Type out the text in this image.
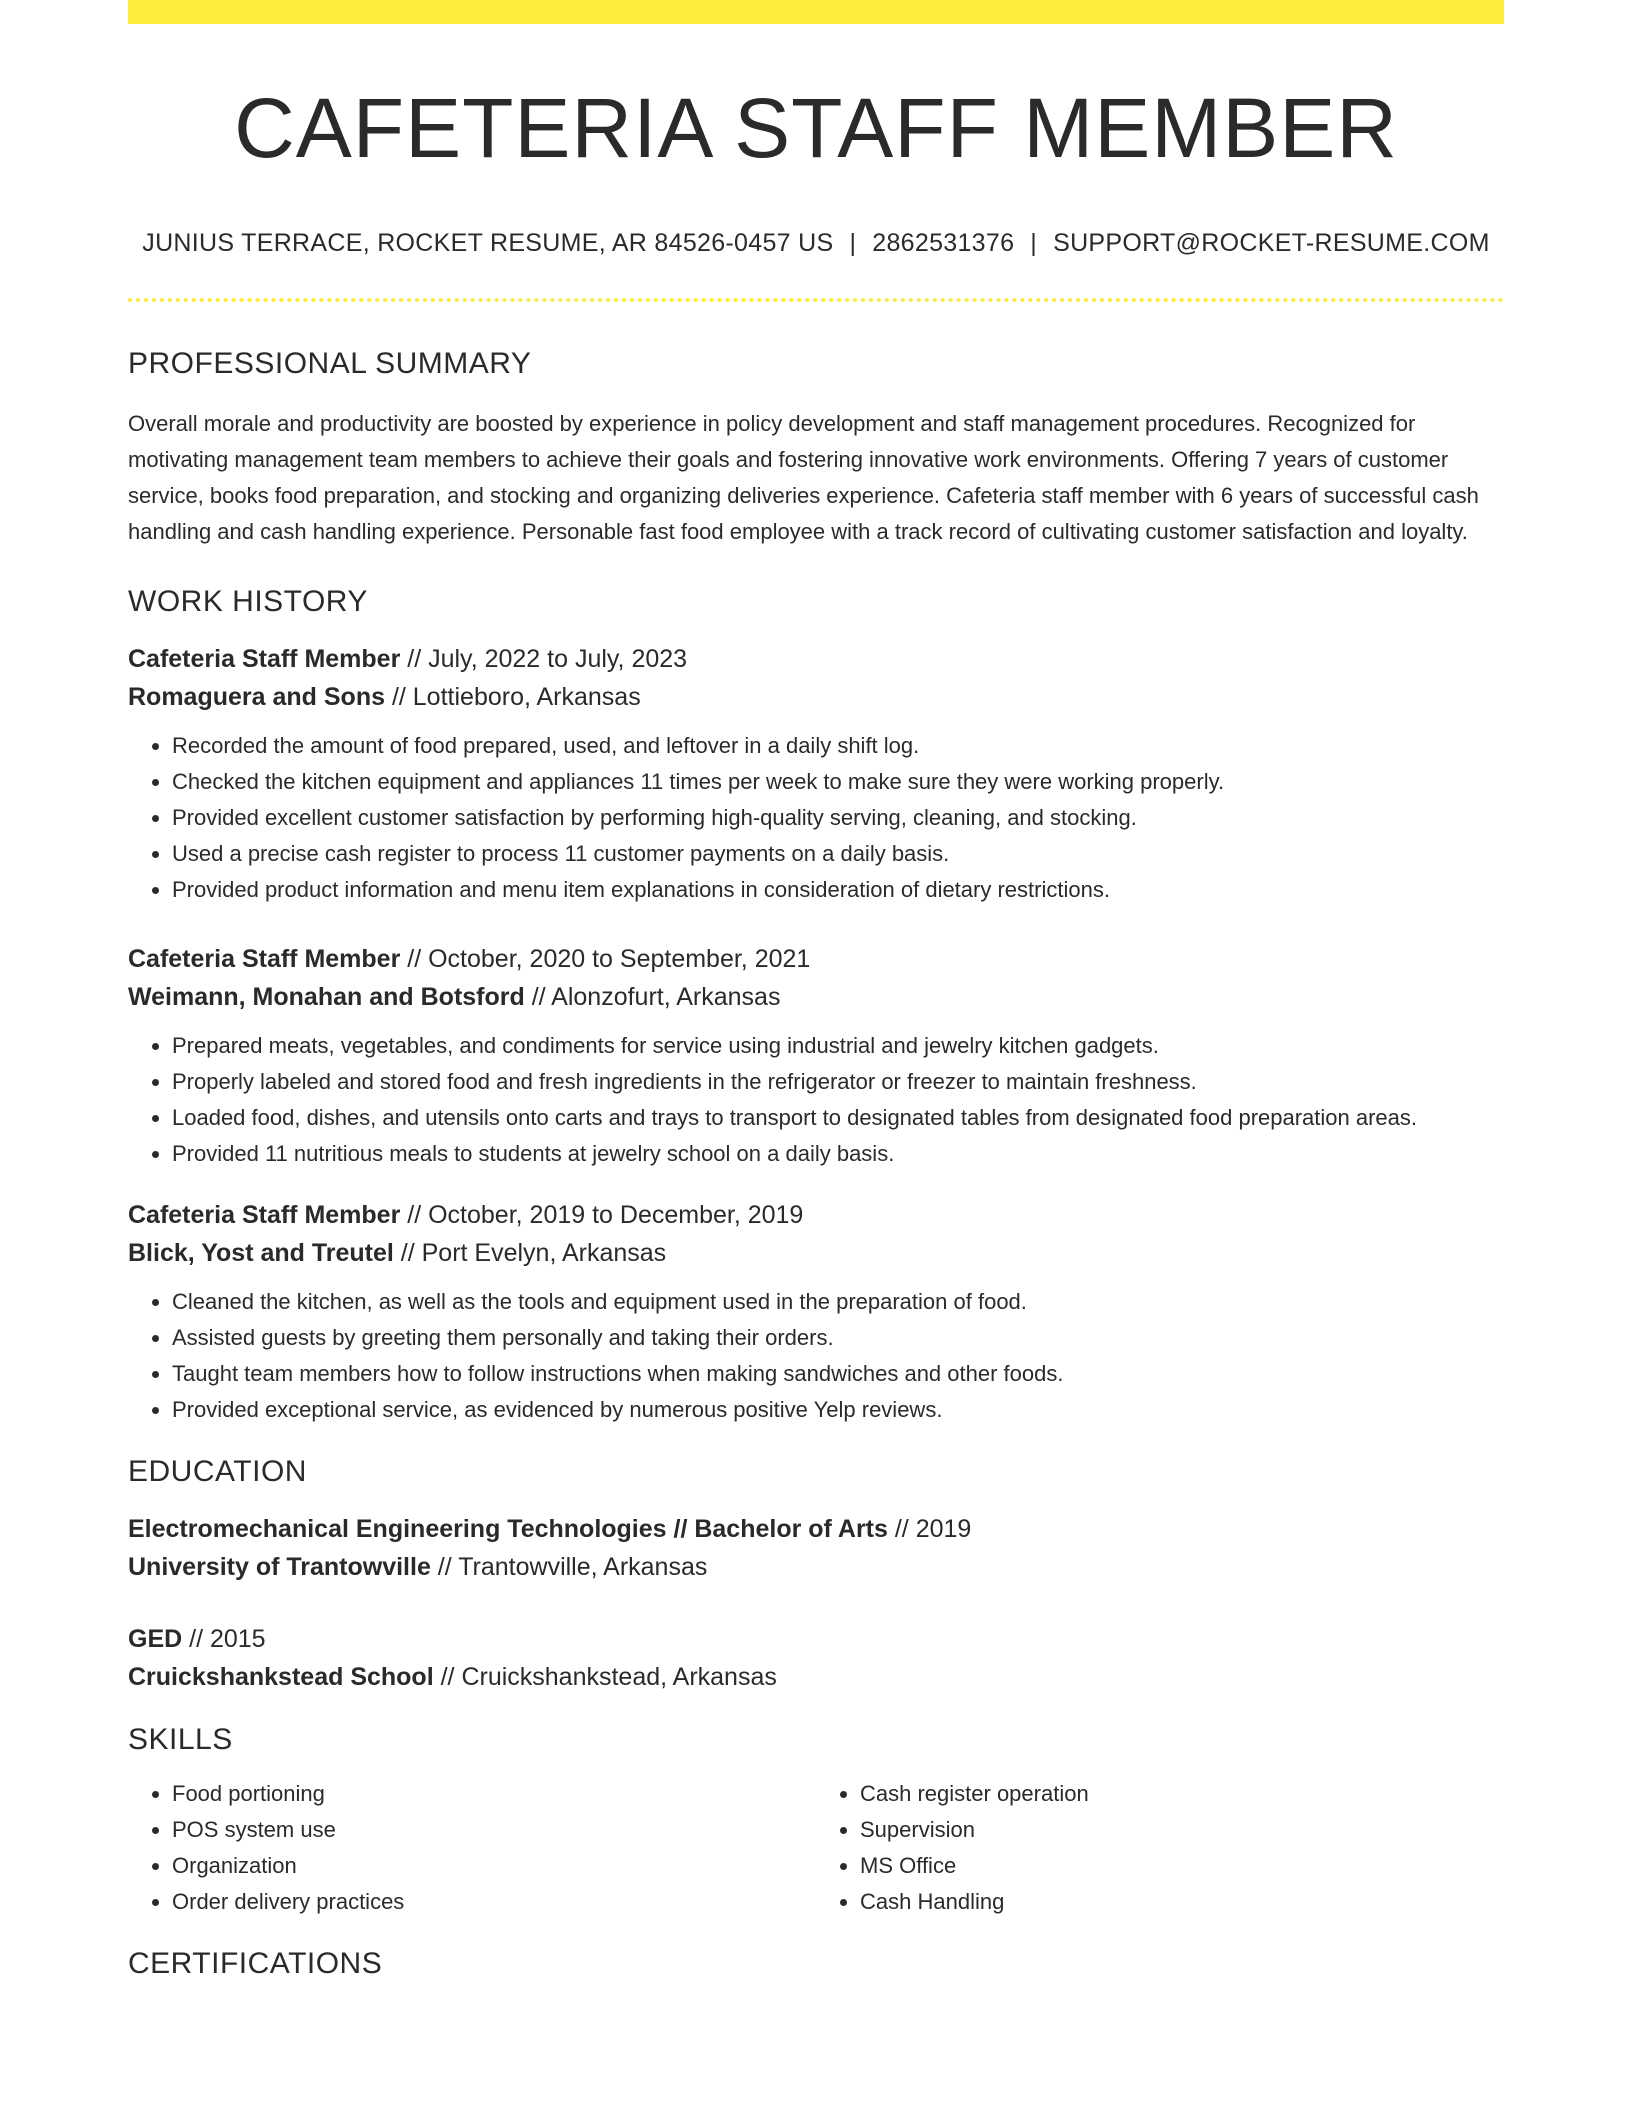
CAFETERIA STAFF MEMBER
JUNIUS TERRACE, ROCKET RESUME, AR 84526-0457 US | 2862531376 | SUPPORT@ROCKET-RESUME.COM
PROFESSIONAL SUMMARY
Overall morale and productivity are boosted by experience in policy development and staff management procedures. Recognized for motivating management team members to achieve their goals and fostering innovative work environments. Offering 7 years of customer service, books food preparation, and stocking and organizing deliveries experience. Cafeteria staff member with 6 years of successful cash handling and cash handling experience. Personable fast food employee with a track record of cultivating customer satisfaction and loyalty.
WORK HISTORY
Cafeteria Staff Member // July, 2022 to July, 2023
Romaguera and Sons // Lottieboro, Arkansas
• Recorded the amount of food prepared, used, and leftover in a daily shift log.
• Checked the kitchen equipment and appliances 11 times per week to make sure they were working properly.
• Provided excellent customer satisfaction by performing high-quality serving, cleaning, and stocking.
• Used a precise cash register to process 11 customer payments on a daily basis.
• Provided product information and menu item explanations in consideration of dietary restrictions.
Cafeteria Staff Member // October, 2020 to September, 2021
Weimann, Monahan and Botsford // Alonzofurt, Arkansas
• Prepared meats, vegetables, and condiments for service using industrial and jewelry kitchen gadgets.
• Properly labeled and stored food and fresh ingredients in the refrigerator or freezer to maintain freshness.
• Loaded food, dishes, and utensils onto carts and trays to transport to designated tables from designated food preparation areas.
• Provided 11 nutritious meals to students at jewelry school on a daily basis.
Cafeteria Staff Member // October, 2019 to December, 2019
Blick, Yost and Treutel // Port Evelyn, Arkansas
• Cleaned the kitchen, as well as the tools and equipment used in the preparation of food.
• Assisted guests by greeting them personally and taking their orders.
• Taught team members how to follow instructions when making sandwiches and other foods.
• Provided exceptional service, as evidenced by numerous positive Yelp reviews.
EDUCATION
Electromechanical Engineering Technologies // Bachelor of Arts // 2019
University of Trantowville // Trantowville, Arkansas
GED // 2015
Cruickshankstead School // Cruickshankstead, Arkansas
SKILLS
• Food portioning
• POS system use
• Organization
• Order delivery practices
• Cash register operation
• Supervision
• MS Office
• Cash Handling
CERTIFICATIONS
